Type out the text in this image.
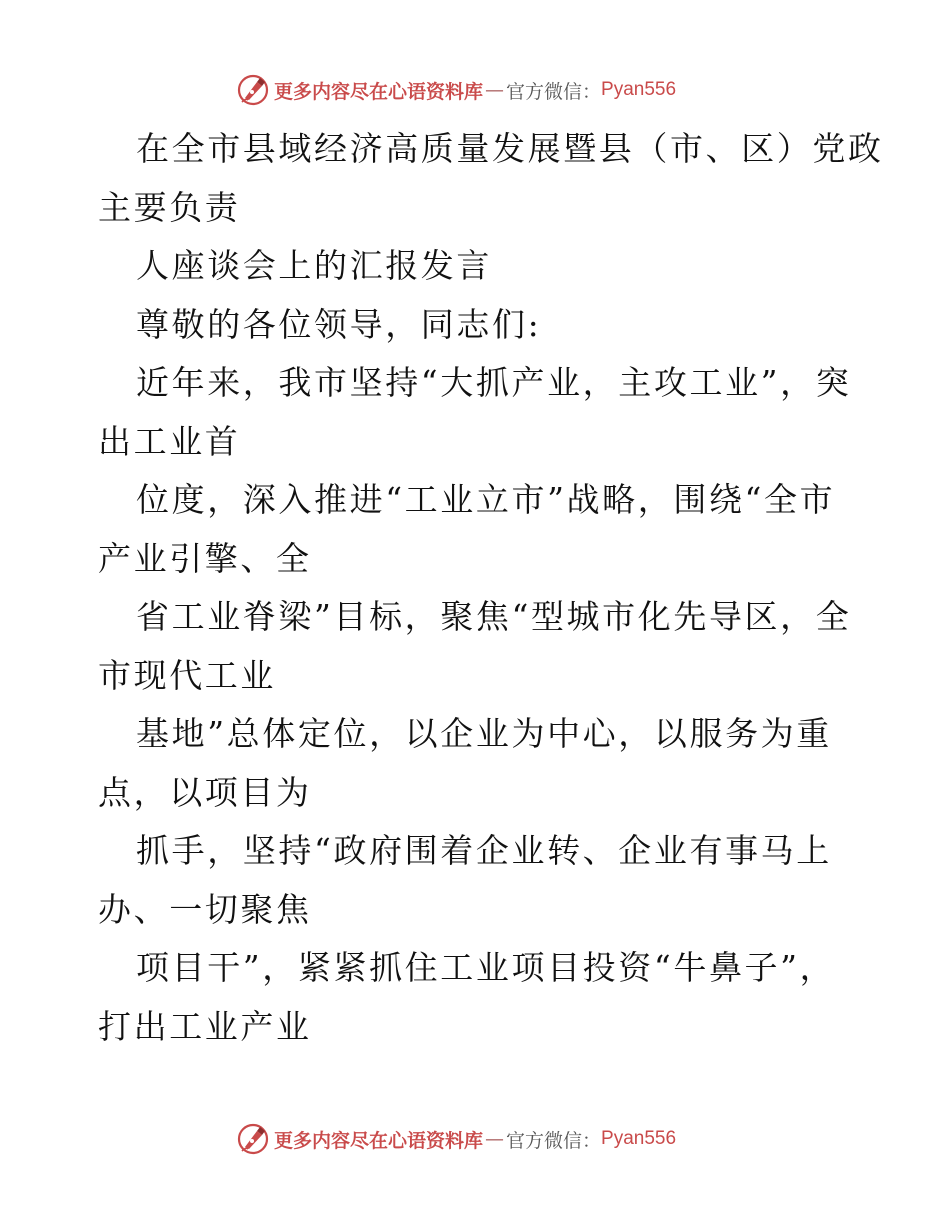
更多内容尽在心语资料库 — 官方微信： Pyan556
在全市县域经济高质量发展暨县（市、区）党政
主要负责
人座谈会上的汇报发言
尊敬的各位领导，同志们:
近年来，我市坚持“大抓产业，主攻工业”，突
出工业首
位度，深入推进“工业立市”战略，围绕“全市
产业引擎、全
省工业脊梁”目标，聚焦“型城市化先导区，全
市现代工业
基地”总体定位，以企业为中心，以服务为重
点，以项目为
抓手，坚持“政府围着企业转、企业有事马上
办、一切聚焦
项目干”，紧紧抓住工业项目投资“牛鼻子”，
打出工业产业
更多内容尽在心语资料库 — 官方微信： Pyan556
